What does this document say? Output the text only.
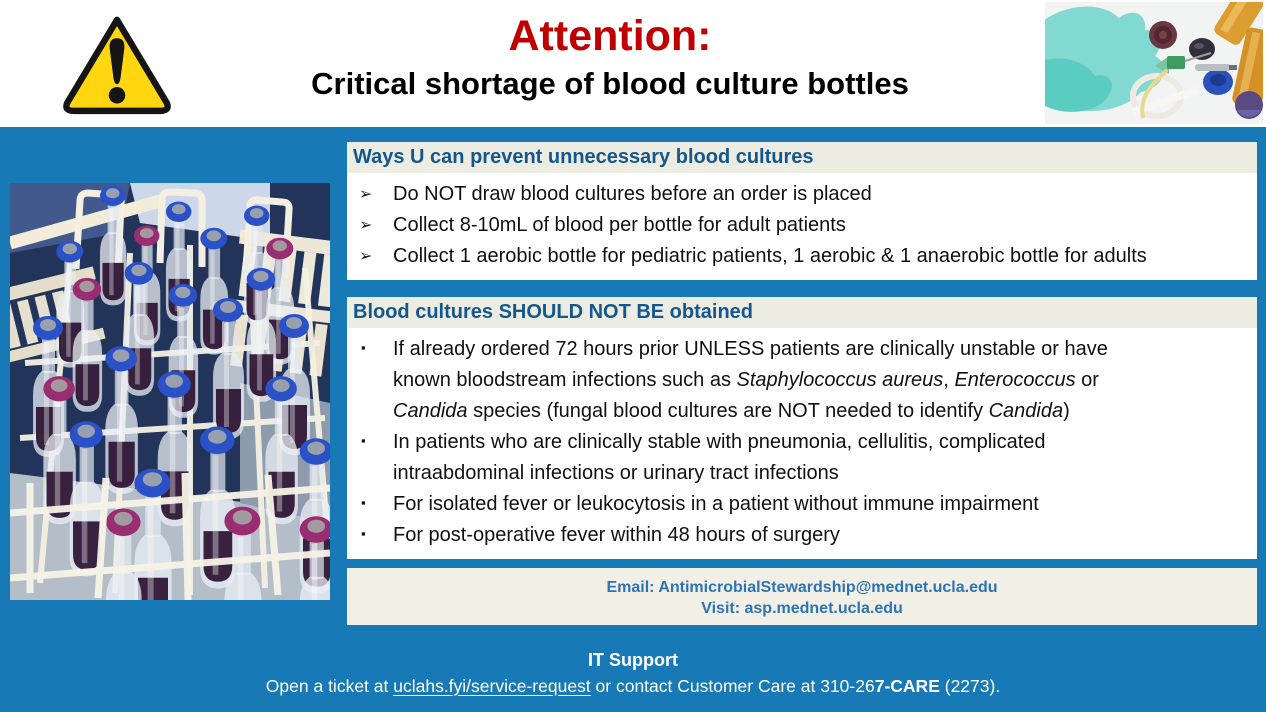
Attention:
Critical shortage of blood culture bottles
Ways U can prevent unnecessary blood cultures
➢ Do NOT draw blood cultures before an order is placed
➢ Collect 8-10mL of blood per bottle for adult patients
➢ Collect 1 aerobic bottle for pediatric patients, 1 aerobic & 1 anaerobic bottle for adults
Blood cultures SHOULD NOT BE obtained
▪ If already ordered 72 hours prior UNLESS patients are clinically unstable or have known bloodstream infections such as Staphylococcus aureus, Enterococcus or Candida species (fungal blood cultures are NOT needed to identify Candida)
▪ In patients who are clinically stable with pneumonia, cellulitis, complicated intraabdominal infections or urinary tract infections
▪ For isolated fever or leukocytosis in a patient without immune impairment
▪ For post-operative fever within 48 hours of surgery
Email: AntimicrobialStewardship@mednet.ucla.edu
Visit: asp.mednet.ucla.edu
IT Support
Open a ticket at uclahs.fyi/service-request or contact Customer Care at 310-267-CARE (2273).
